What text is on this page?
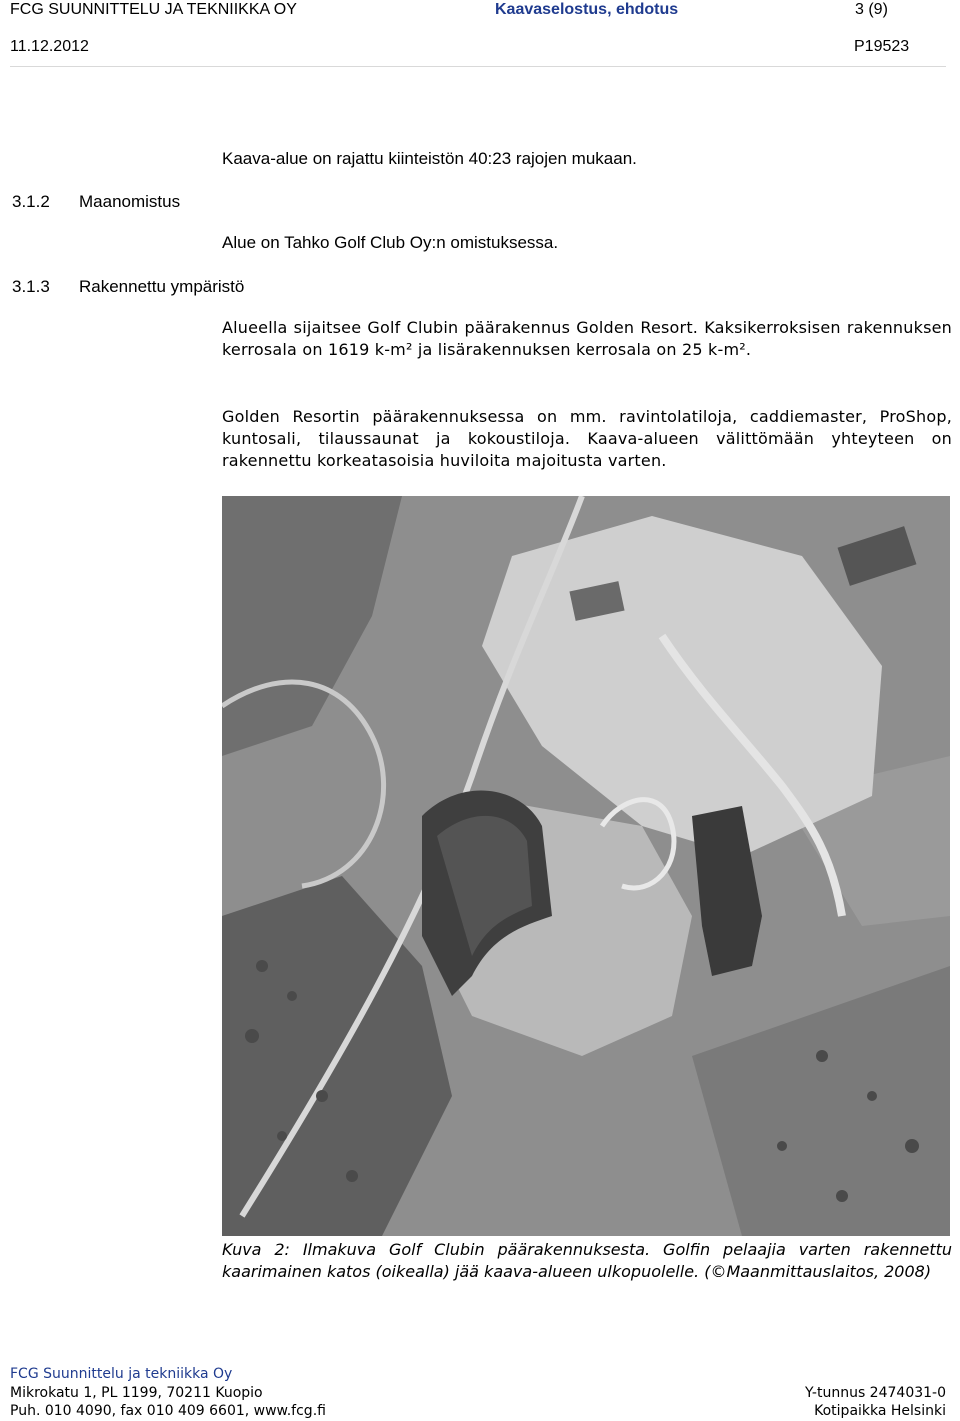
FCG SUUNNITTELU JA TEKNIIKKA OY	Kaavaselostus, ehdotus	3 (9)
11.12.2012	P19523
Kaava-alue on rajattu kiinteistön 40:23 rajojen mukaan.
3.1.2 Maanomistus
Alue on Tahko Golf Club Oy:n omistuksessa.
3.1.3 Rakennettu ympäristö
Alueella sijaitsee Golf Clubin päärakennus Golden Resort. Kaksikerroksisen rakennuksen kerrosala on 1619 k-m² ja lisärakennuksen kerrosala on 25 k-m².
Golden Resortin päärakennuksessa on mm. ravintolatiloja, caddiemaster, ProShop, kuntosali, tilaussaunat ja kokoustiloja. Kaava-alueen välittömään yhteyteen on rakennettu korkeatasoisia huviloita majoitusta varten.
Kuva 2: Ilmakuva Golf Clubin päärakennuksesta. Golfin pelaajia varten rakennettu kaarimainen katos (oikealla) jää kaava-alueen ulkopuolelle. (©Maanmittauslaitos, 2008)
FCG Suunnittelu ja tekniikka Oy
Mikrokatu 1, PL 1199, 70211 Kuopio
Puh. 010 4090, fax 010 409 6601, www.fcg.fi
Y-tunnus 2474031-0
Kotipaikka Helsinki
